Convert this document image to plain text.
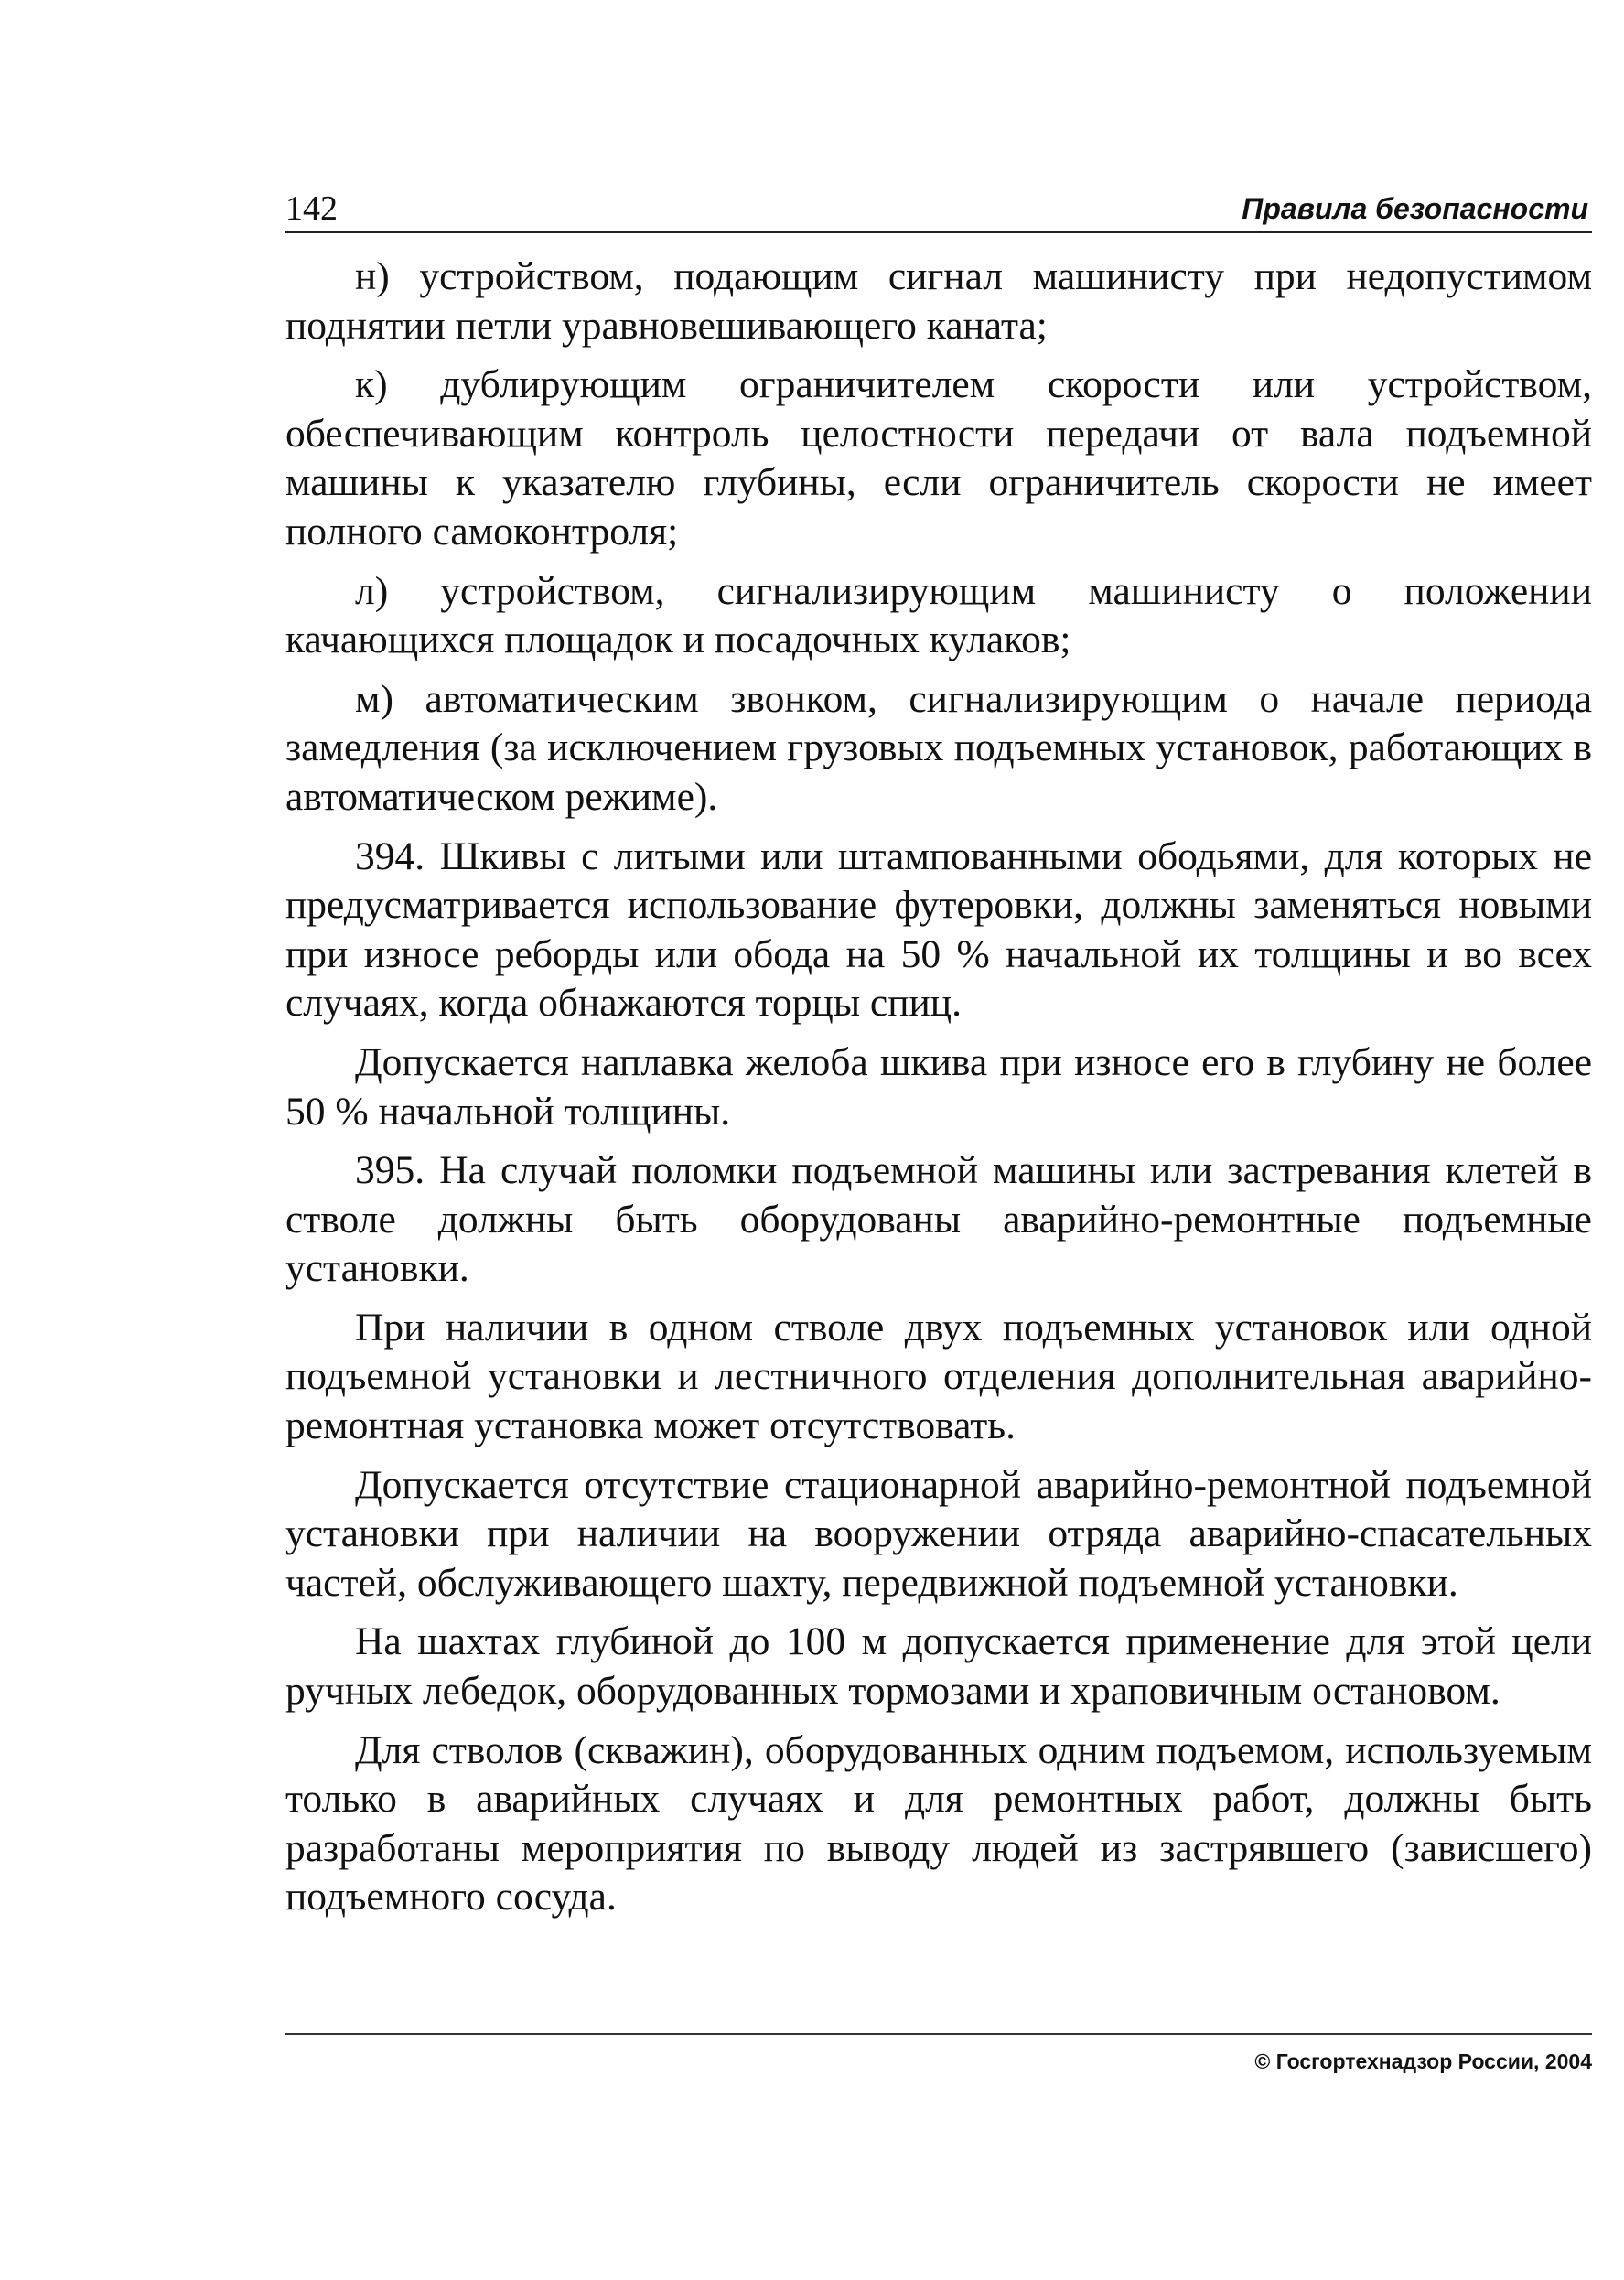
142	Правила безопасности

н) устройством, подающим сигнал машинисту при недопустимом поднятии петли уравновешивающего каната;

к) дублирующим ограничителем скорости или устройством, обеспечивающим контроль целостности передачи от вала подъемной машины к указателю глубины, если ограничитель скорости не имеет полного самоконтроля;

л) устройством, сигнализирующим машинисту о положении качающихся площадок и посадочных кулаков;

м) автоматическим звонком, сигнализирующим о начале периода замедления (за исключением грузовых подъемных установок, работающих в автоматическом режиме).

394. Шкивы с литыми или штампованными ободьями, для которых не предусматривается использование футеровки, должны заменяться новыми при износе реборды или обода на 50 % начальной их толщины и во всех случаях, когда обнажаются торцы спиц.

Допускается наплавка желоба шкива при износе его в глубину не более 50 % начальной толщины.

395. На случай поломки подъемной машины или застревания клетей в стволе должны быть оборудованы аварийно-ремонтные подъемные установки.

При наличии в одном стволе двух подъемных установок или одной подъемной установки и лестничного отделения дополнительная аварийно-ремонтная установка может отсутствовать.

Допускается отсутствие стационарной аварийно-ремонтной подъемной установки при наличии на вооружении отряда аварийно-спасательных частей, обслуживающего шахту, передвижной подъемной установки.

На шахтах глубиной до 100 м допускается применение для этой цели ручных лебедок, оборудованных тормозами и храповичным остановом.

Для стволов (скважин), оборудованных одним подъемом, используемым только в аварийных случаях и для ремонтных работ, должны быть разработаны мероприятия по выводу людей из застрявшего (зависшего) подъемного сосуда.

© Госгортехнадзор России, 2004
